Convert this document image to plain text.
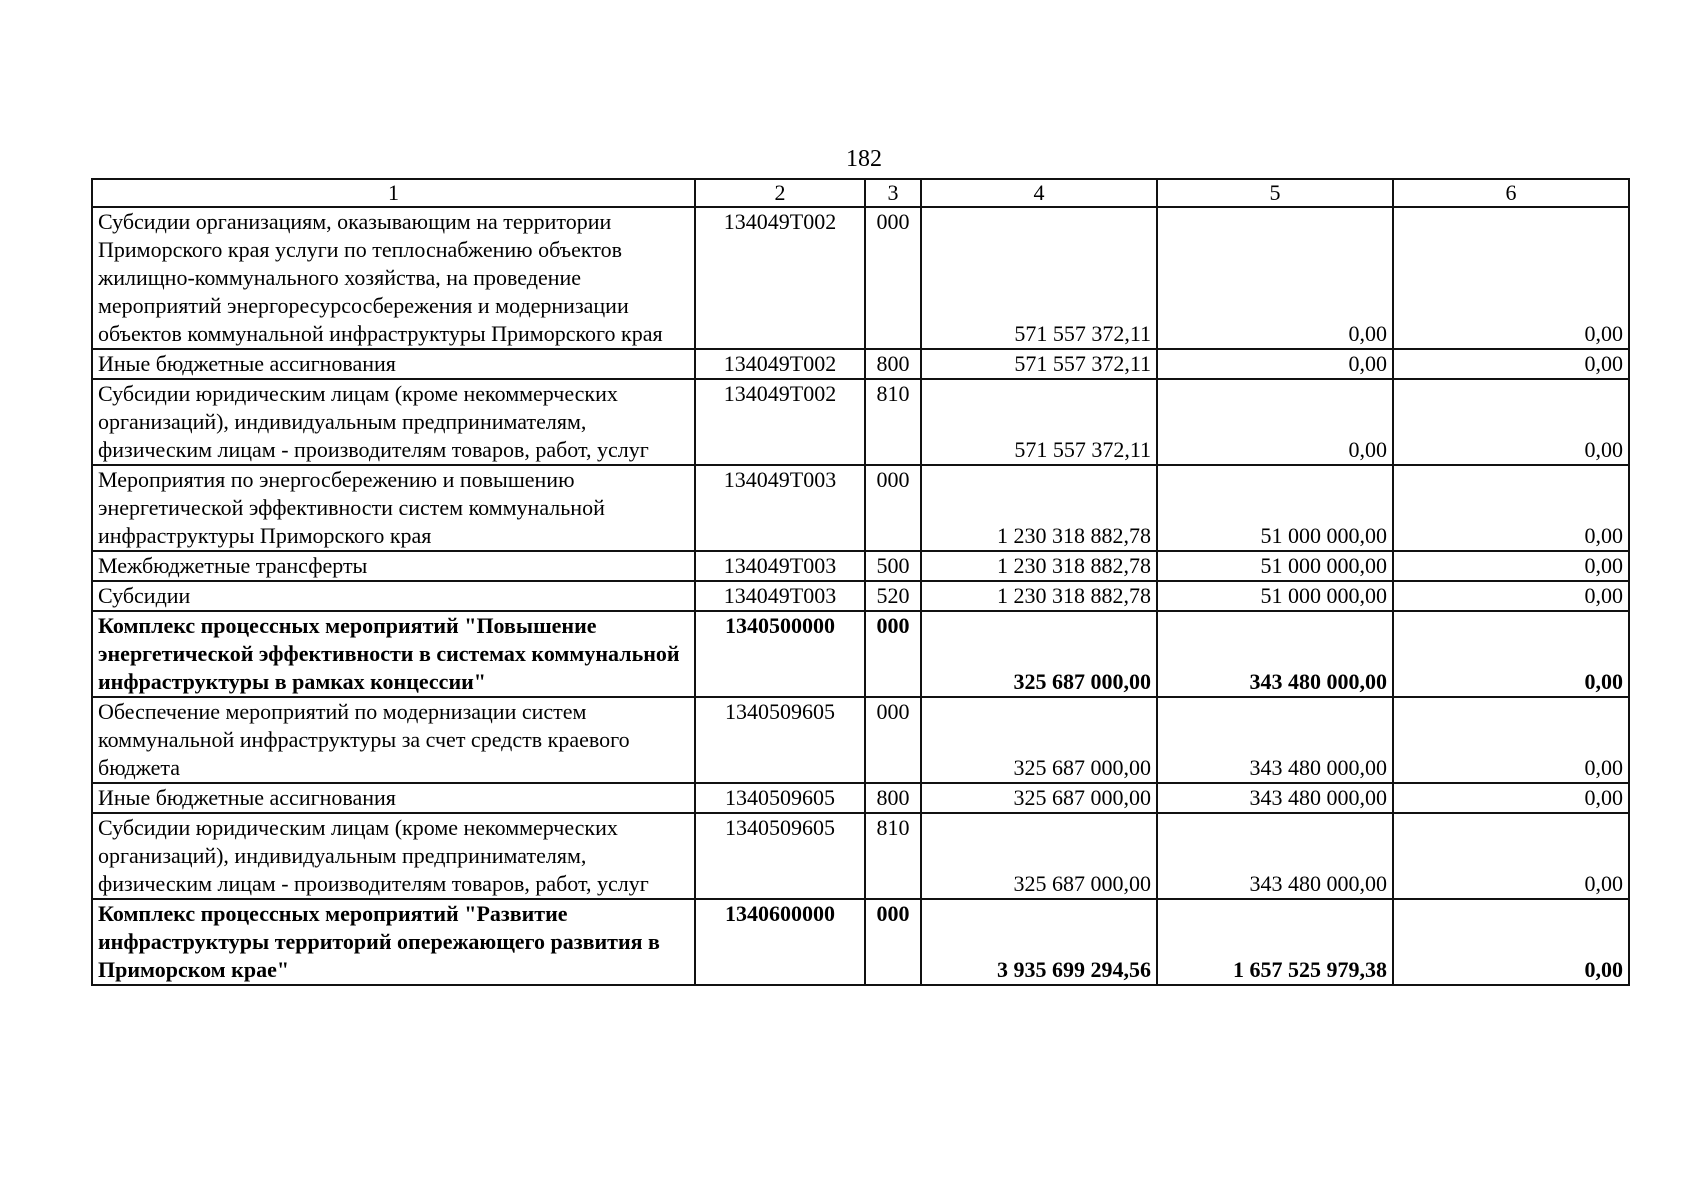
182
1	2	3	4	5	6
Субсидии организациям, оказывающим на территории Приморского края услуги по теплоснабжению объектов жилищно-коммунального хозяйства, на проведение мероприятий энергоресурсосбережения и модернизации объектов коммунальной инфраструктуры Приморского края	134049Т002	000	571 557 372,11	0,00	0,00
Иные бюджетные ассигнования	134049Т002	800	571 557 372,11	0,00	0,00
Субсидии юридическим лицам (кроме некоммерческих организаций), индивидуальным предпринимателям, физическим лицам - производителям товаров, работ, услуг	134049Т002	810	571 557 372,11	0,00	0,00
Мероприятия по энергосбережению и повышению энергетической эффективности систем коммунальной инфраструктуры Приморского края	134049Т003	000	1 230 318 882,78	51 000 000,00	0,00
Межбюджетные трансферты	134049Т003	500	1 230 318 882,78	51 000 000,00	0,00
Субсидии	134049Т003	520	1 230 318 882,78	51 000 000,00	0,00
Комплекс процессных мероприятий "Повышение энергетической эффективности в системах коммунальной инфраструктуры в рамках концессии"	1340500000	000	325 687 000,00	343 480 000,00	0,00
Обеспечение мероприятий по модернизации систем коммунальной инфраструктуры за счет средств краевого бюджета	1340509605	000	325 687 000,00	343 480 000,00	0,00
Иные бюджетные ассигнования	1340509605	800	325 687 000,00	343 480 000,00	0,00
Субсидии юридическим лицам (кроме некоммерческих организаций), индивидуальным предпринимателям, физическим лицам - производителям товаров, работ, услуг	1340509605	810	325 687 000,00	343 480 000,00	0,00
Комплекс процессных мероприятий "Развитие инфраструктуры территорий опережающего развития в Приморском крае"	1340600000	000	3 935 699 294,56	1 657 525 979,38	0,00
